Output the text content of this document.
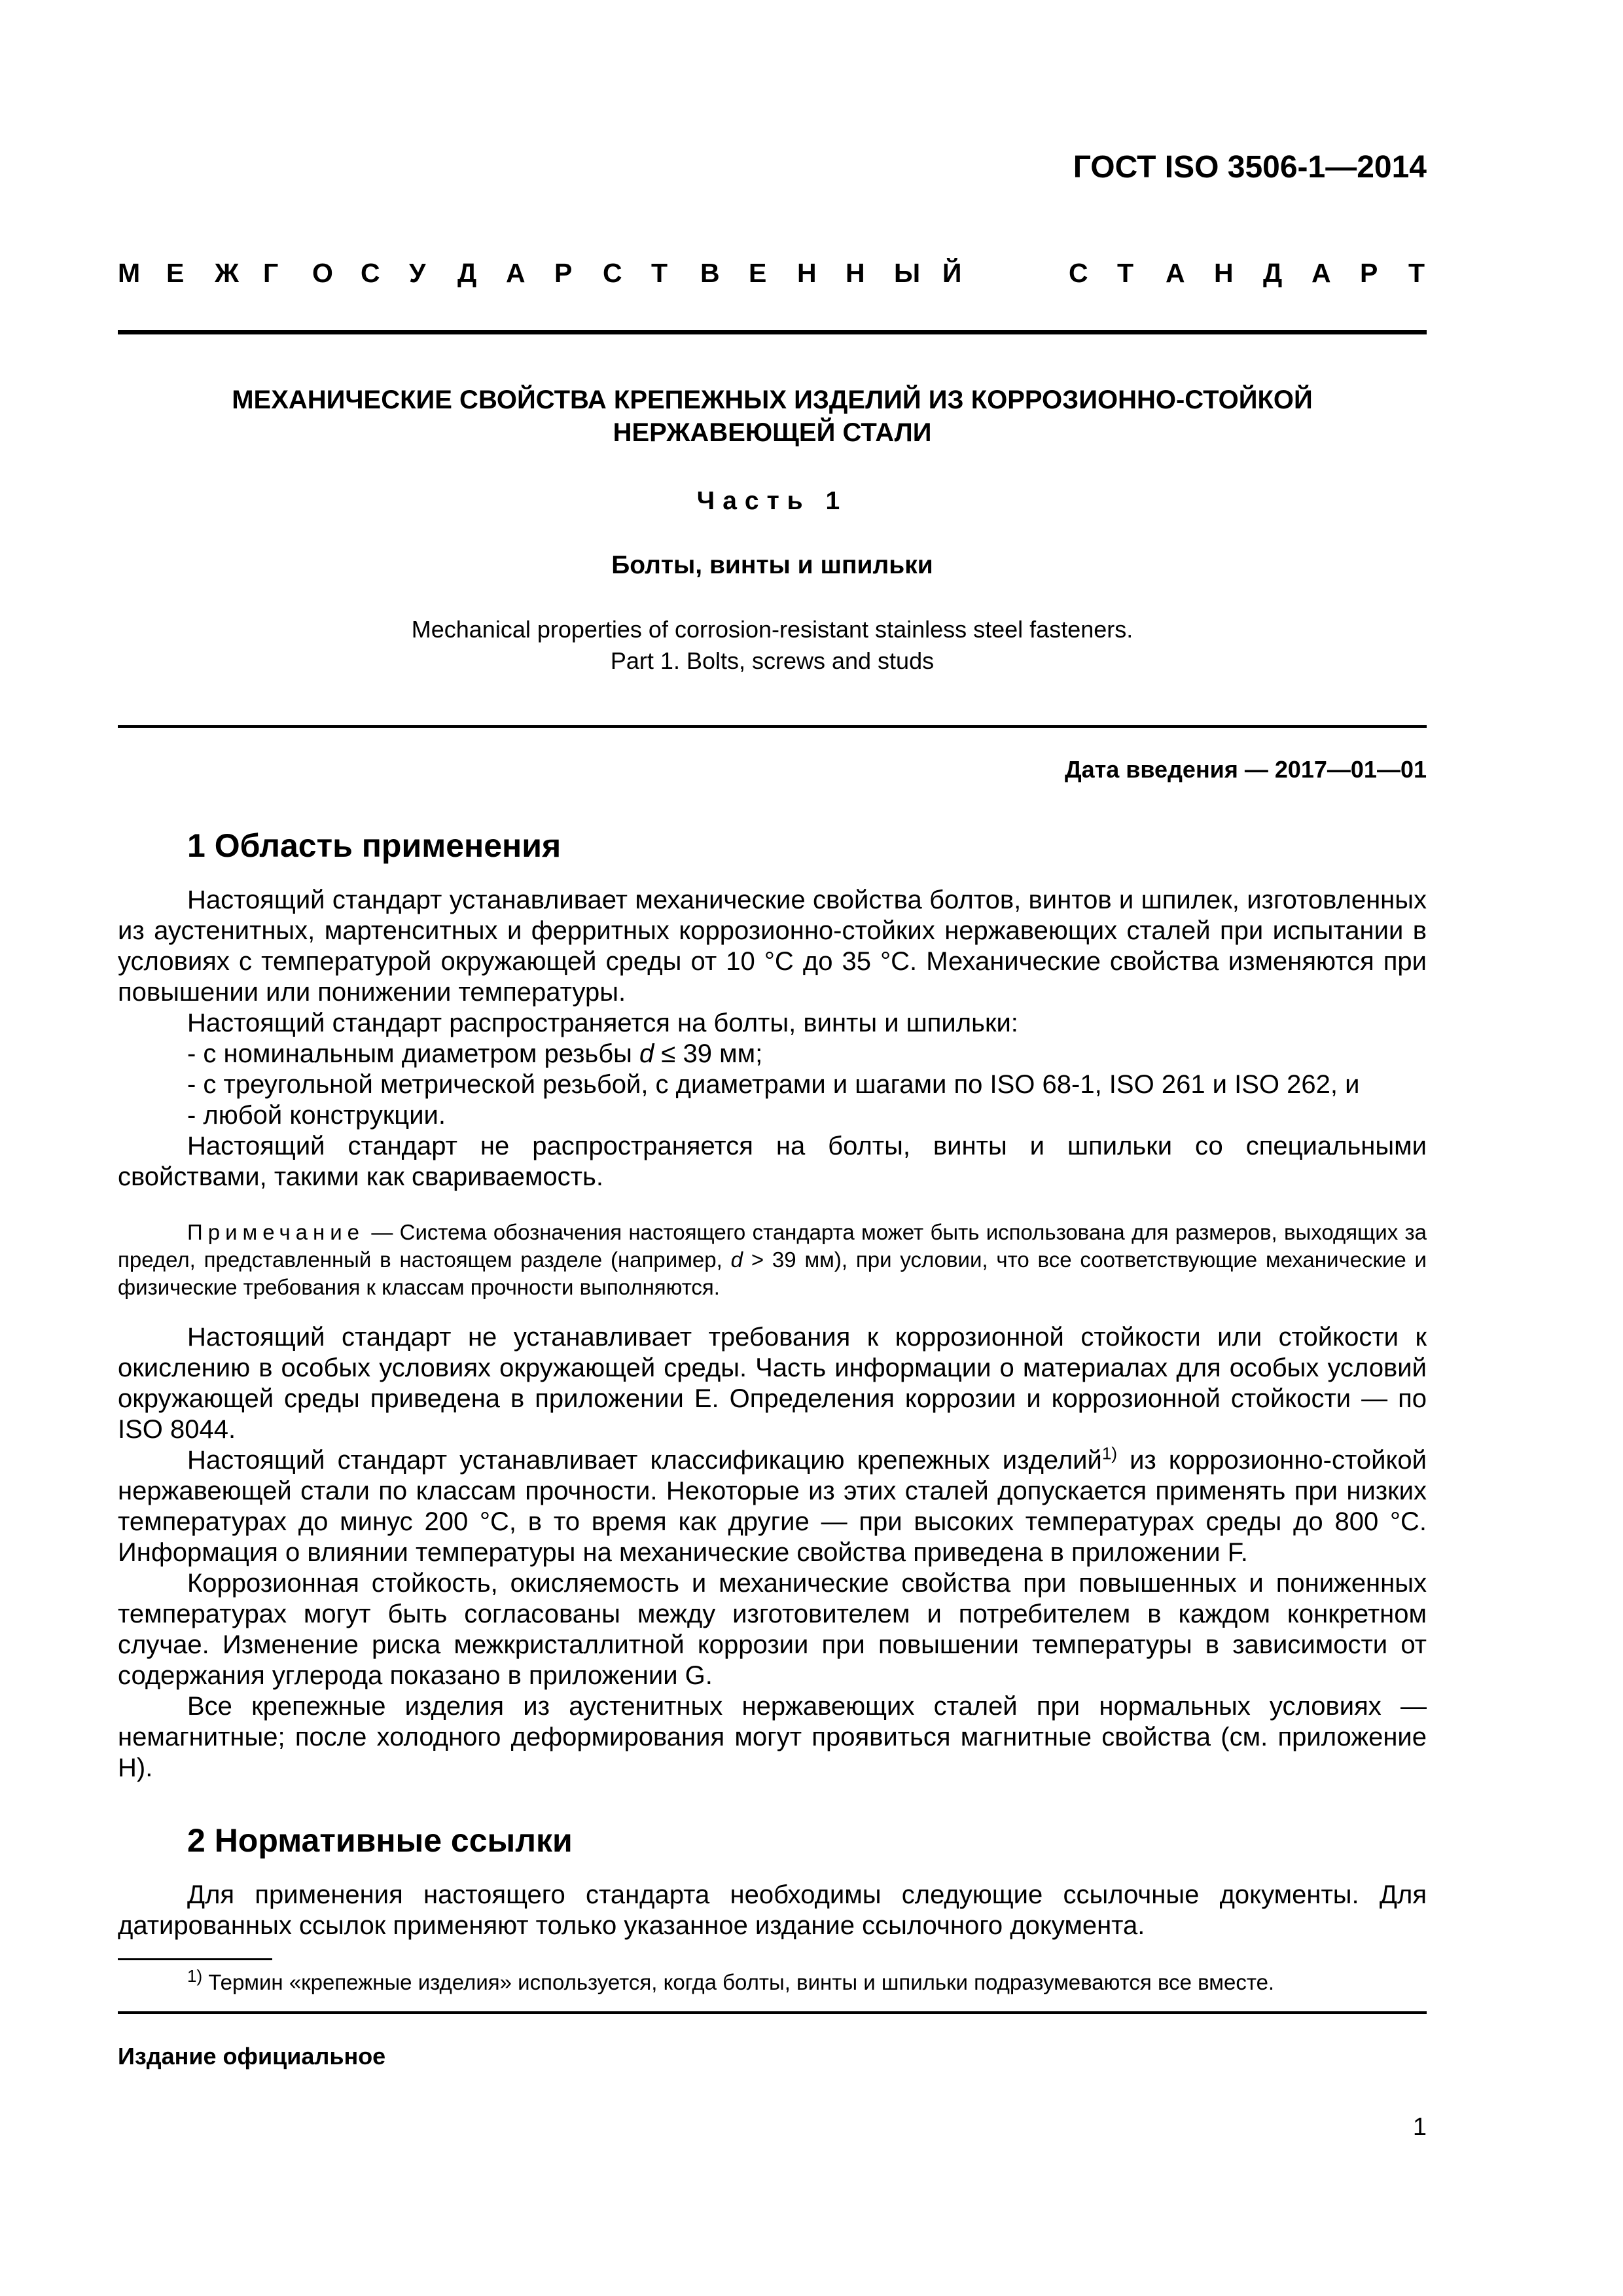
ГОСТ ISO 3506-1—2014
М Е Ж Г О С У Д А Р С Т В Е Н Н Ы Й	С Т А Н Д А Р Т
МЕХАНИЧЕСКИЕ СВОЙСТВА КРЕПЕЖНЫХ ИЗДЕЛИЙ ИЗ КОРРОЗИОННО-СТОЙКОЙ
НЕРЖАВЕЮЩЕЙ СТАЛИ
Часть 1
Болты, винты и шпильки
Mechanical properties of corrosion-resistant stainless steel fasteners.
Part 1. Bolts, screws and studs
Дата введения — 2017—01—01
1 Область применения

Настоящий стандарт устанавливает механические свойства болтов, винтов и шпилек, изготовленных из аустенитных, мартенситных и ферритных коррозионно-стойких нержавеющих сталей при испытании в условиях с температурой окружающей среды от 10 °С до 35 °С. Механические свойства изменяются при повышении или понижении температуры.

Настоящий стандарт распространяется на болты, винты и шпильки:

- с номинальным диаметром резьбы d ≤ 39 мм;

- с треугольной метрической резьбой, с диаметрами и шагами по ISO 68-1, ISO 261 и ISO 262, и

- любой конструкции.

Настоящий стандарт не распространяется на болты, винты и шпильки со специальными свойствами, такими как свариваемость.

Примечание — Система обозначения настоящего стандарта может быть использована для размеров, выходящих за предел, представленный в настоящем разделе (например, d > 39 мм), при условии, что все соответствующие механические и физические требования к классам прочности выполняются.

Настоящий стандарт не устанавливает требования к коррозионной стойкости или стойкости к окислению в особых условиях окружающей среды. Часть информации о материалах для особых условий окружающей среды приведена в приложении Е. Определения коррозии и коррозионной стойкости — по ISO 8044.

Настоящий стандарт устанавливает классификацию крепежных изделий$^{1)}$ из коррозионно-стойкой нержавеющей стали по классам прочности. Некоторые из этих сталей допускается применять при низких температурах до минус 200 °С, в то время как другие — при высоких температурах среды до 800 °С. Информация о влиянии температуры на механические свойства приведена в приложении F.

Коррозионная стойкость, окисляемость и механические свойства при повышенных и пониженных температурах могут быть согласованы между изготовителем и потребителем в каждом конкретном случае. Изменение риска межкристаллитной коррозии при повышении температуры в зависимости от содержания углерода показано в приложении G.

Все крепежные изделия из аустенитных нержавеющих сталей при нормальных условиях — немагнитные; после холодного деформирования могут проявиться магнитные свойства (см. приложение Н).

2 Нормативные ссылки

Для применения настоящего стандарта необходимы следующие ссылочные документы. Для датированных ссылок применяют только указанное издание ссылочного документа.

$^{1)}$ Термин «крепежные изделия» используется, когда болты, винты и шпильки подразумеваются все вместе.
Издание официальное
1
